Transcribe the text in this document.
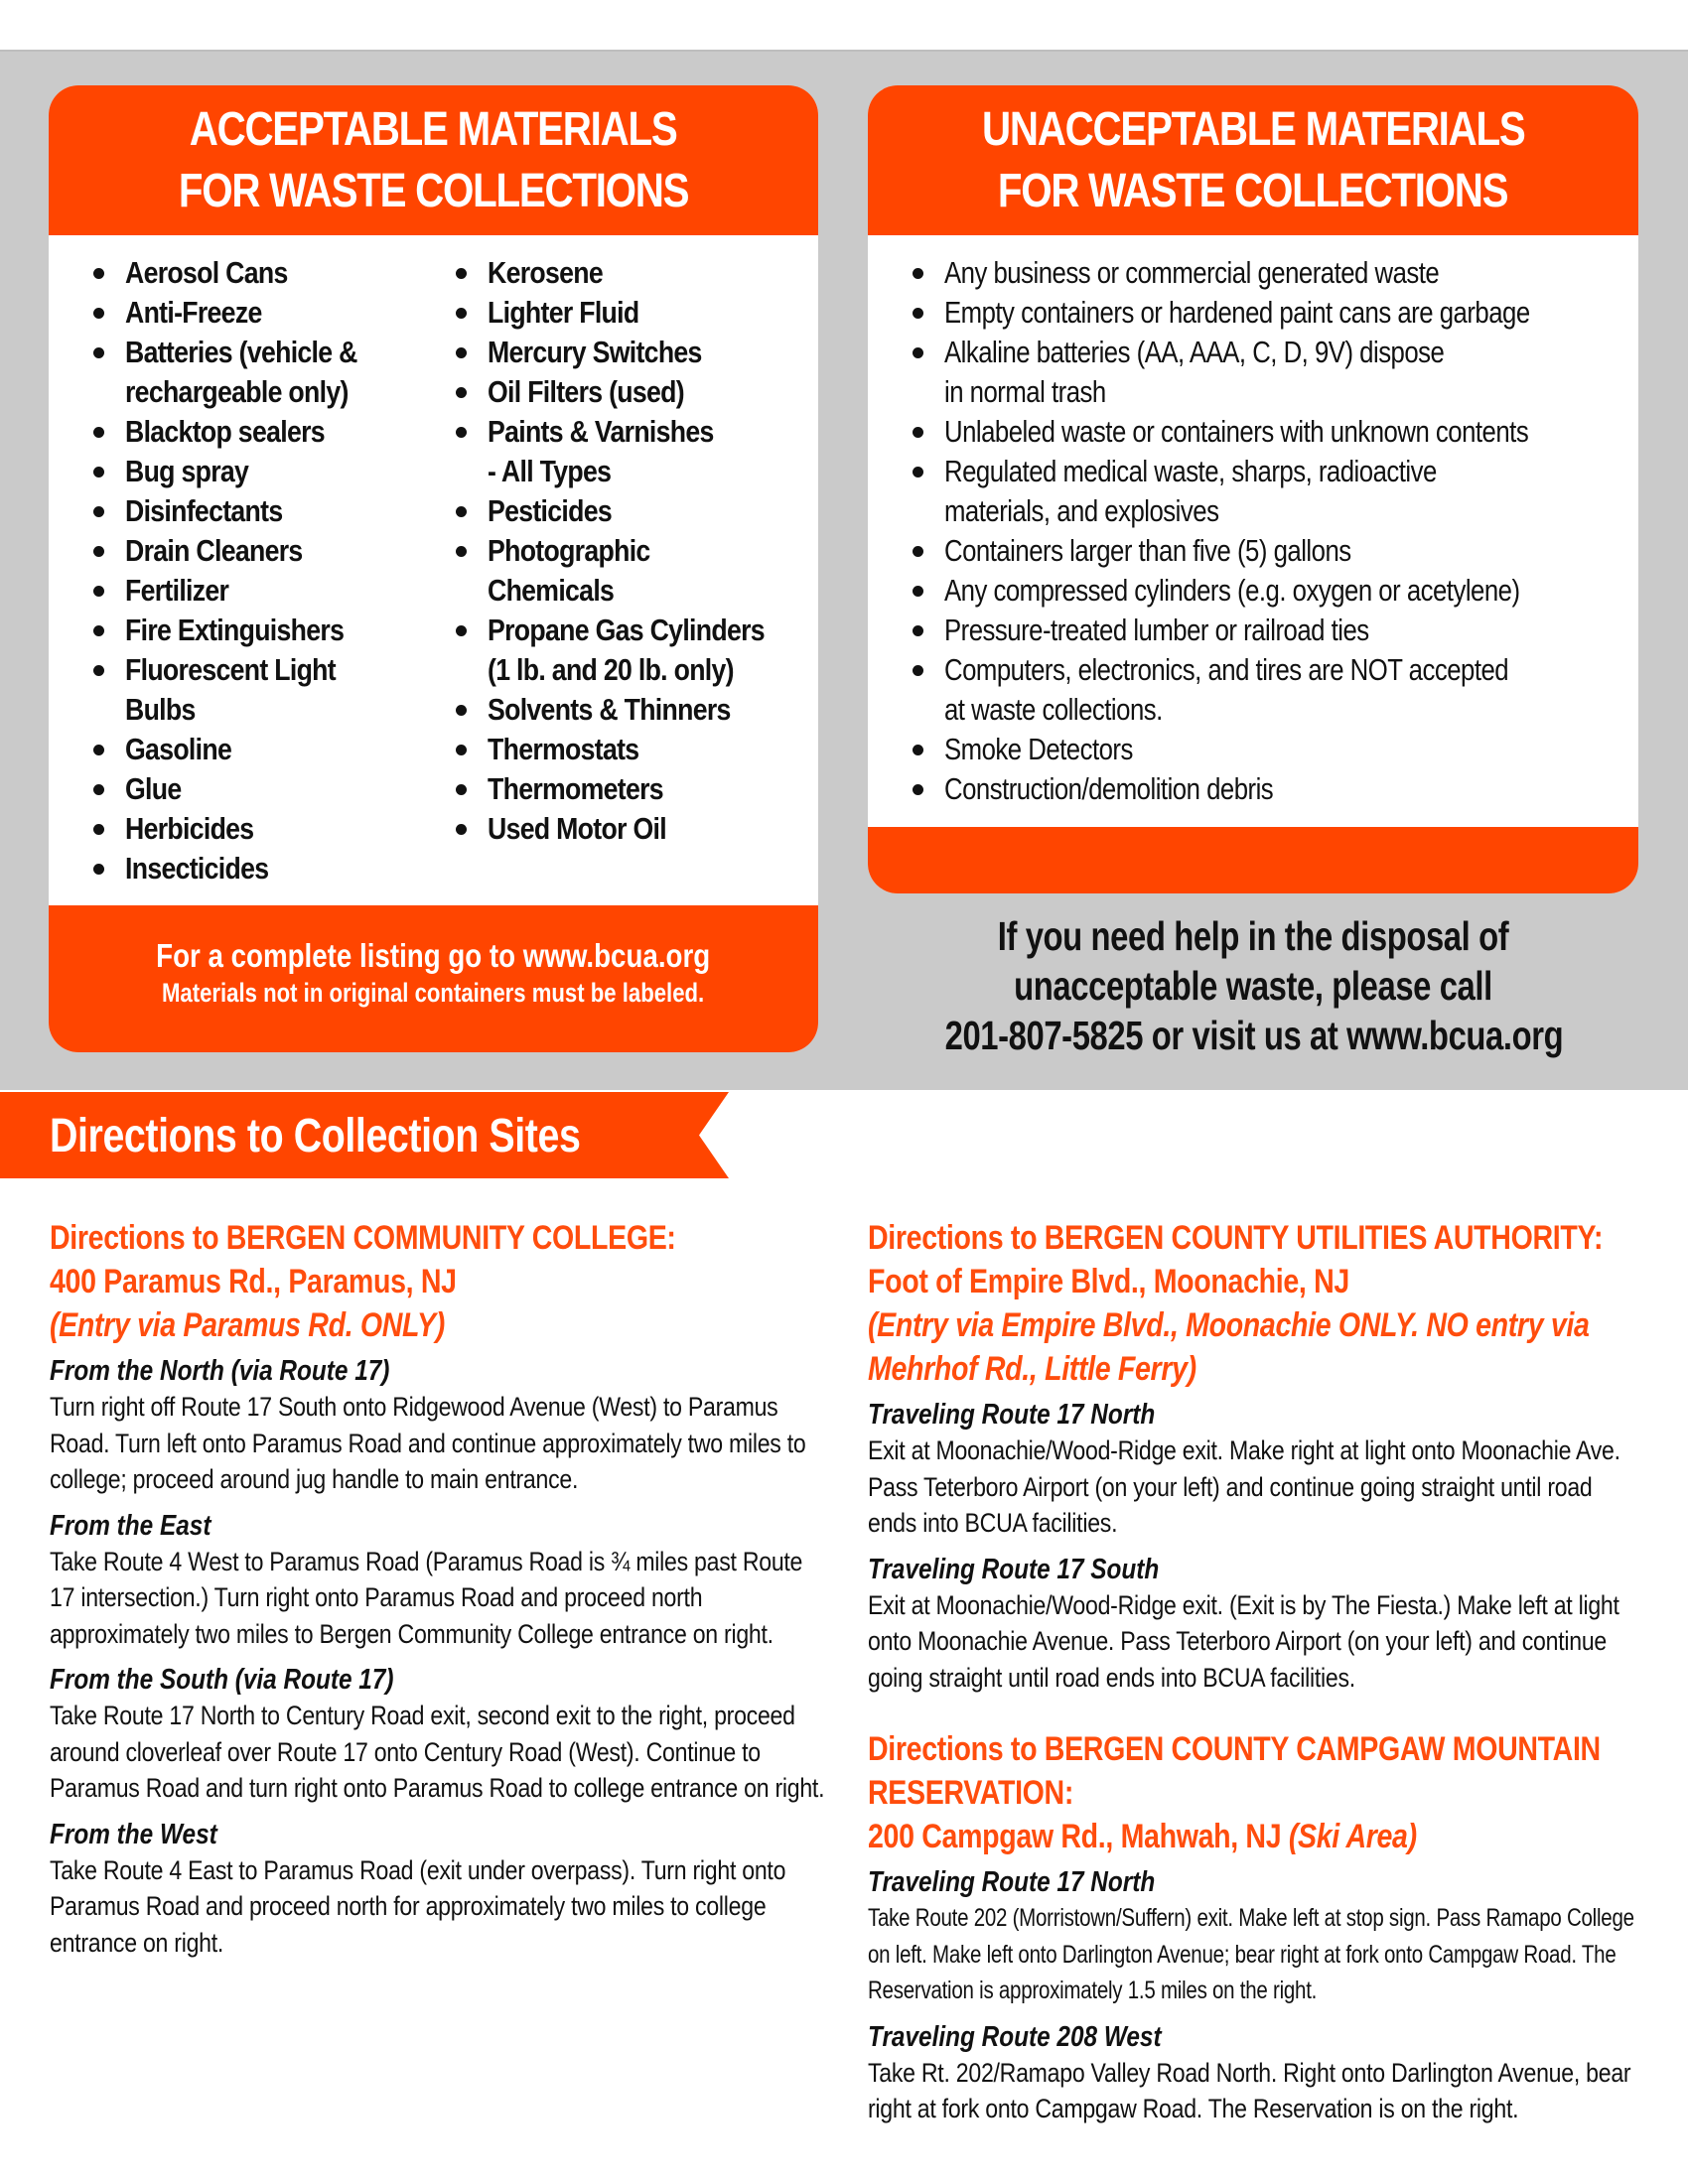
ACCEPTABLE MATERIALS
FOR WASTE COLLECTIONS
Aerosol Cans
Anti-Freeze
Batteries (vehicle &
rechargeable only)
Blacktop sealers
Bug spray
Disinfectants
Drain Cleaners
Fertilizer
Fire Extinguishers
Fluorescent Light
Bulbs
Gasoline
Glue
Herbicides
Insecticides
Kerosene
Lighter Fluid
Mercury Switches
Oil Filters (used)
Paints & Varnishes
- All Types
Pesticides
Photographic
Chemicals
Propane Gas Cylinders
(1 lb. and 20 lb. only)
Solvents & Thinners
Thermostats
Thermometers
Used Motor Oil
For a complete listing go to www.bcua.org
Materials not in original containers must be labeled.
UNACCEPTABLE MATERIALS
FOR WASTE COLLECTIONS
Any business or commercial generated waste
Empty containers or hardened paint cans are garbage
Alkaline batteries (AA, AAA, C, D, 9V) dispose
in normal trash
Unlabeled waste or containers with unknown contents
Regulated medical waste, sharps, radioactive
materials, and explosives
Containers larger than five (5) gallons
Any compressed cylinders (e.g. oxygen or acetylene)
Pressure-treated lumber or railroad ties
Computers, electronics, and tires are NOT accepted
at waste collections.
Smoke Detectors
Construction/demolition debris
If you need help in the disposal of
unacceptable waste, please call
201-807-5825 or visit us at www.bcua.org
Directions to Collection Sites
Directions to BERGEN COMMUNITY COLLEGE:
400 Paramus Rd., Paramus, NJ
(Entry via Paramus Rd. ONLY)
From the North (via Route 17)
Turn right off Route 17 South onto Ridgewood Avenue (West) to Paramus Road. Turn left onto Paramus Road and continue approximately two miles to college; proceed around jug handle to main entrance.
From the East
Take Route 4 West to Paramus Road (Paramus Road is ¾ miles past Route 17 intersection.) Turn right onto Paramus Road and proceed north approximately two miles to Bergen Community College entrance on right.
From the South (via Route 17)
Take Route 17 North to Century Road exit, second exit to the right, proceed around cloverleaf over Route 17 onto Century Road (West). Continue to Paramus Road and turn right onto Paramus Road to college entrance on right.
From the West
Take Route 4 East to Paramus Road (exit under overpass). Turn right onto Paramus Road and proceed north for approximately two miles to college entrance on right.
Directions to BERGEN COUNTY UTILITIES AUTHORITY:
Foot of Empire Blvd., Moonachie, NJ
(Entry via Empire Blvd., Moonachie ONLY. NO entry via
Mehrhof Rd., Little Ferry)
Traveling Route 17 North
Exit at Moonachie/Wood-Ridge exit. Make right at light onto Moonachie Ave. Pass Teterboro Airport (on your left) and continue going straight until road ends into BCUA facilities.
Traveling Route 17 South
Exit at Moonachie/Wood-Ridge exit. (Exit is by The Fiesta.) Make left at light onto Moonachie Avenue. Pass Teterboro Airport (on your left) and continue going straight until road ends into BCUA facilities.
Directions to BERGEN COUNTY CAMPGAW MOUNTAIN
RESERVATION:
200 Campgaw Rd., Mahwah, NJ (Ski Area)
Traveling Route 17 North
Take Route 202 (Morristown/Suffern) exit. Make left at stop sign. Pass Ramapo College on left. Make left onto Darlington Avenue; bear right at fork onto Campgaw Road. The Reservation is approximately 1.5 miles on the right.
Traveling Route 208 West
Take Rt. 202/Ramapo Valley Road North. Right onto Darlington Avenue, bear right at fork onto Campgaw Road. The Reservation is on the right.
